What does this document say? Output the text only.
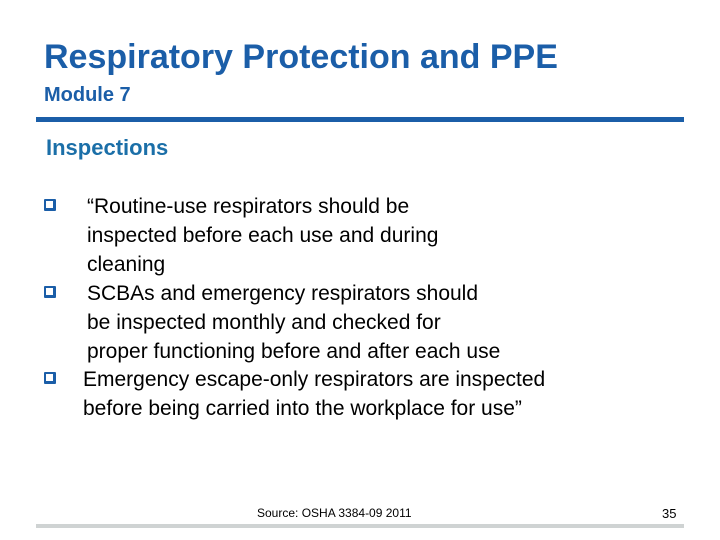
Respiratory Protection and PPE
Module 7
Inspections
“Routine-use respirators should be
inspected before each use and during
cleaning
SCBAs and emergency respirators should
be inspected monthly and checked for
proper functioning before and after each use
Emergency escape-only respirators are inspected
before being carried into the workplace for use”
Source: OSHA 3384-09 2011	35
